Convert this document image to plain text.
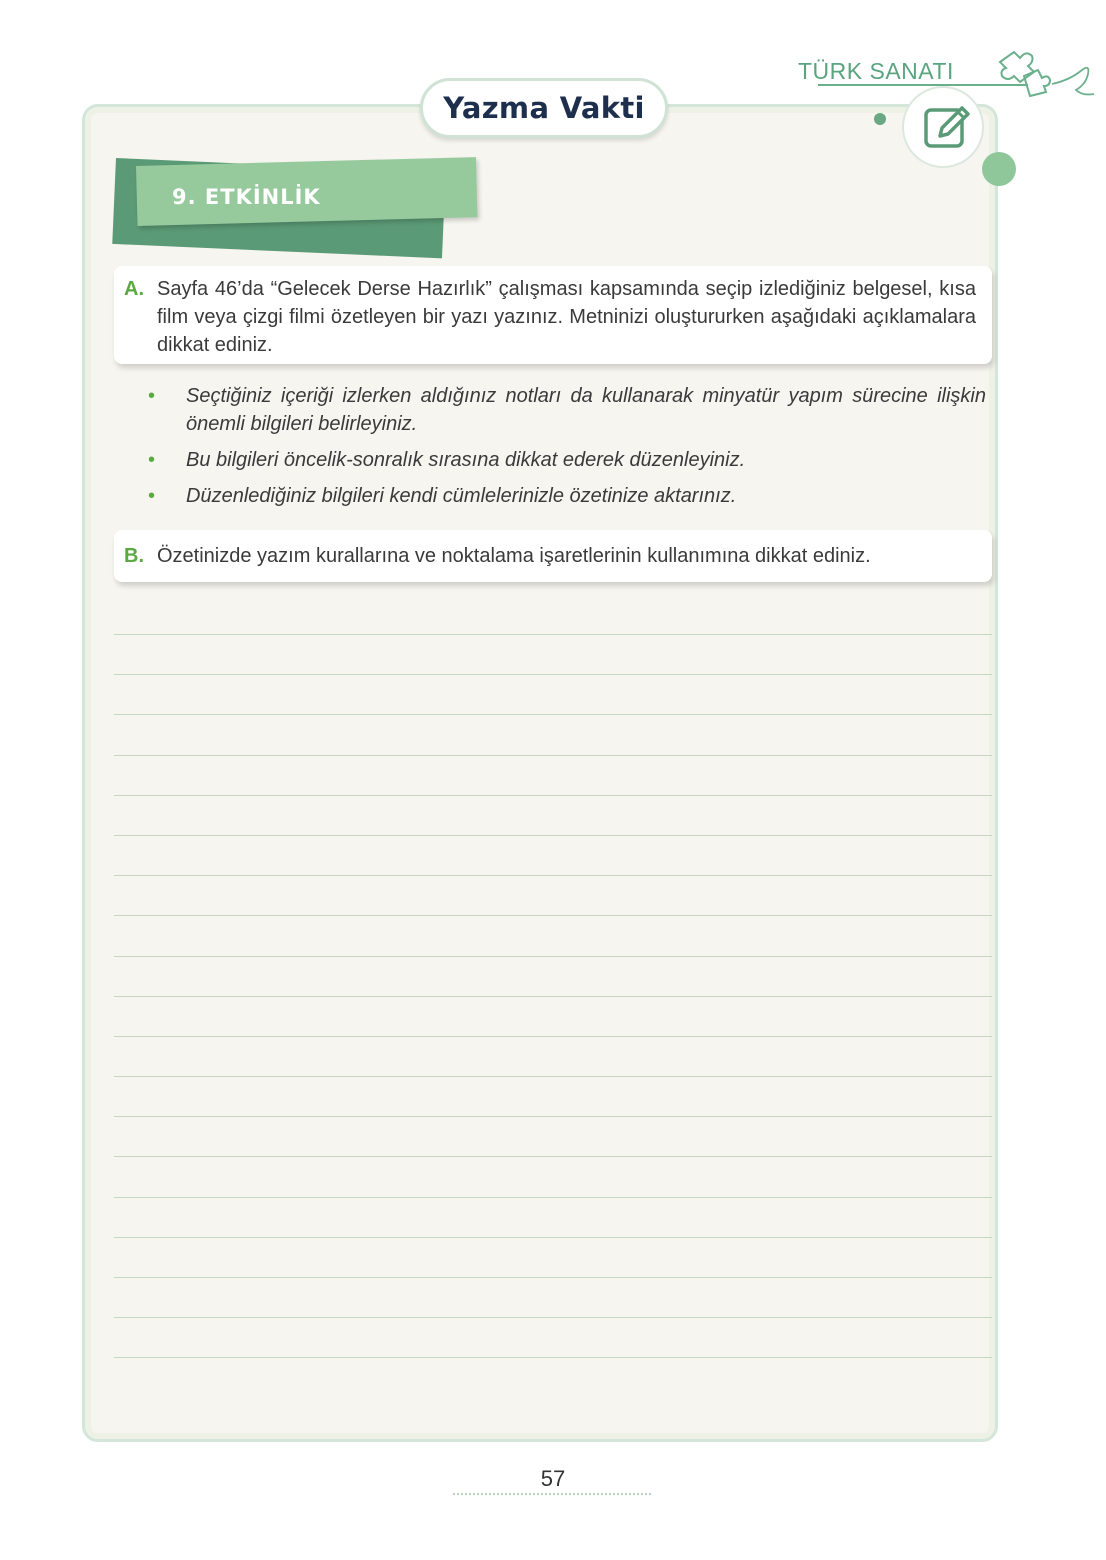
TÜRK SANATI
Yazma Vakti
9. ETKİNLİK
A. Sayfa 46’da “Gelecek Derse Hazırlık” çalışması kapsamında seçip izlediğiniz belgesel, kısa film veya çizgi filmi özetleyen bir yazı yazınız. Metninizi oluştururken aşağıdaki açıklamalara dikkat ediniz.
•	Seçtiğiniz içeriği izlerken aldığınız notları da kullanarak minyatür yapım sürecine ilişkin önemli bilgileri belirleyiniz.
•	Bu bilgileri öncelik-sonralık sırasına dikkat ederek düzenleyiniz.
•	Düzenlediğiniz bilgileri kendi cümlelerinizle özetinize aktarınız.
B. Özetinizde yazım kurallarına ve noktalama işaretlerinin kullanımına dikkat ediniz.
57
